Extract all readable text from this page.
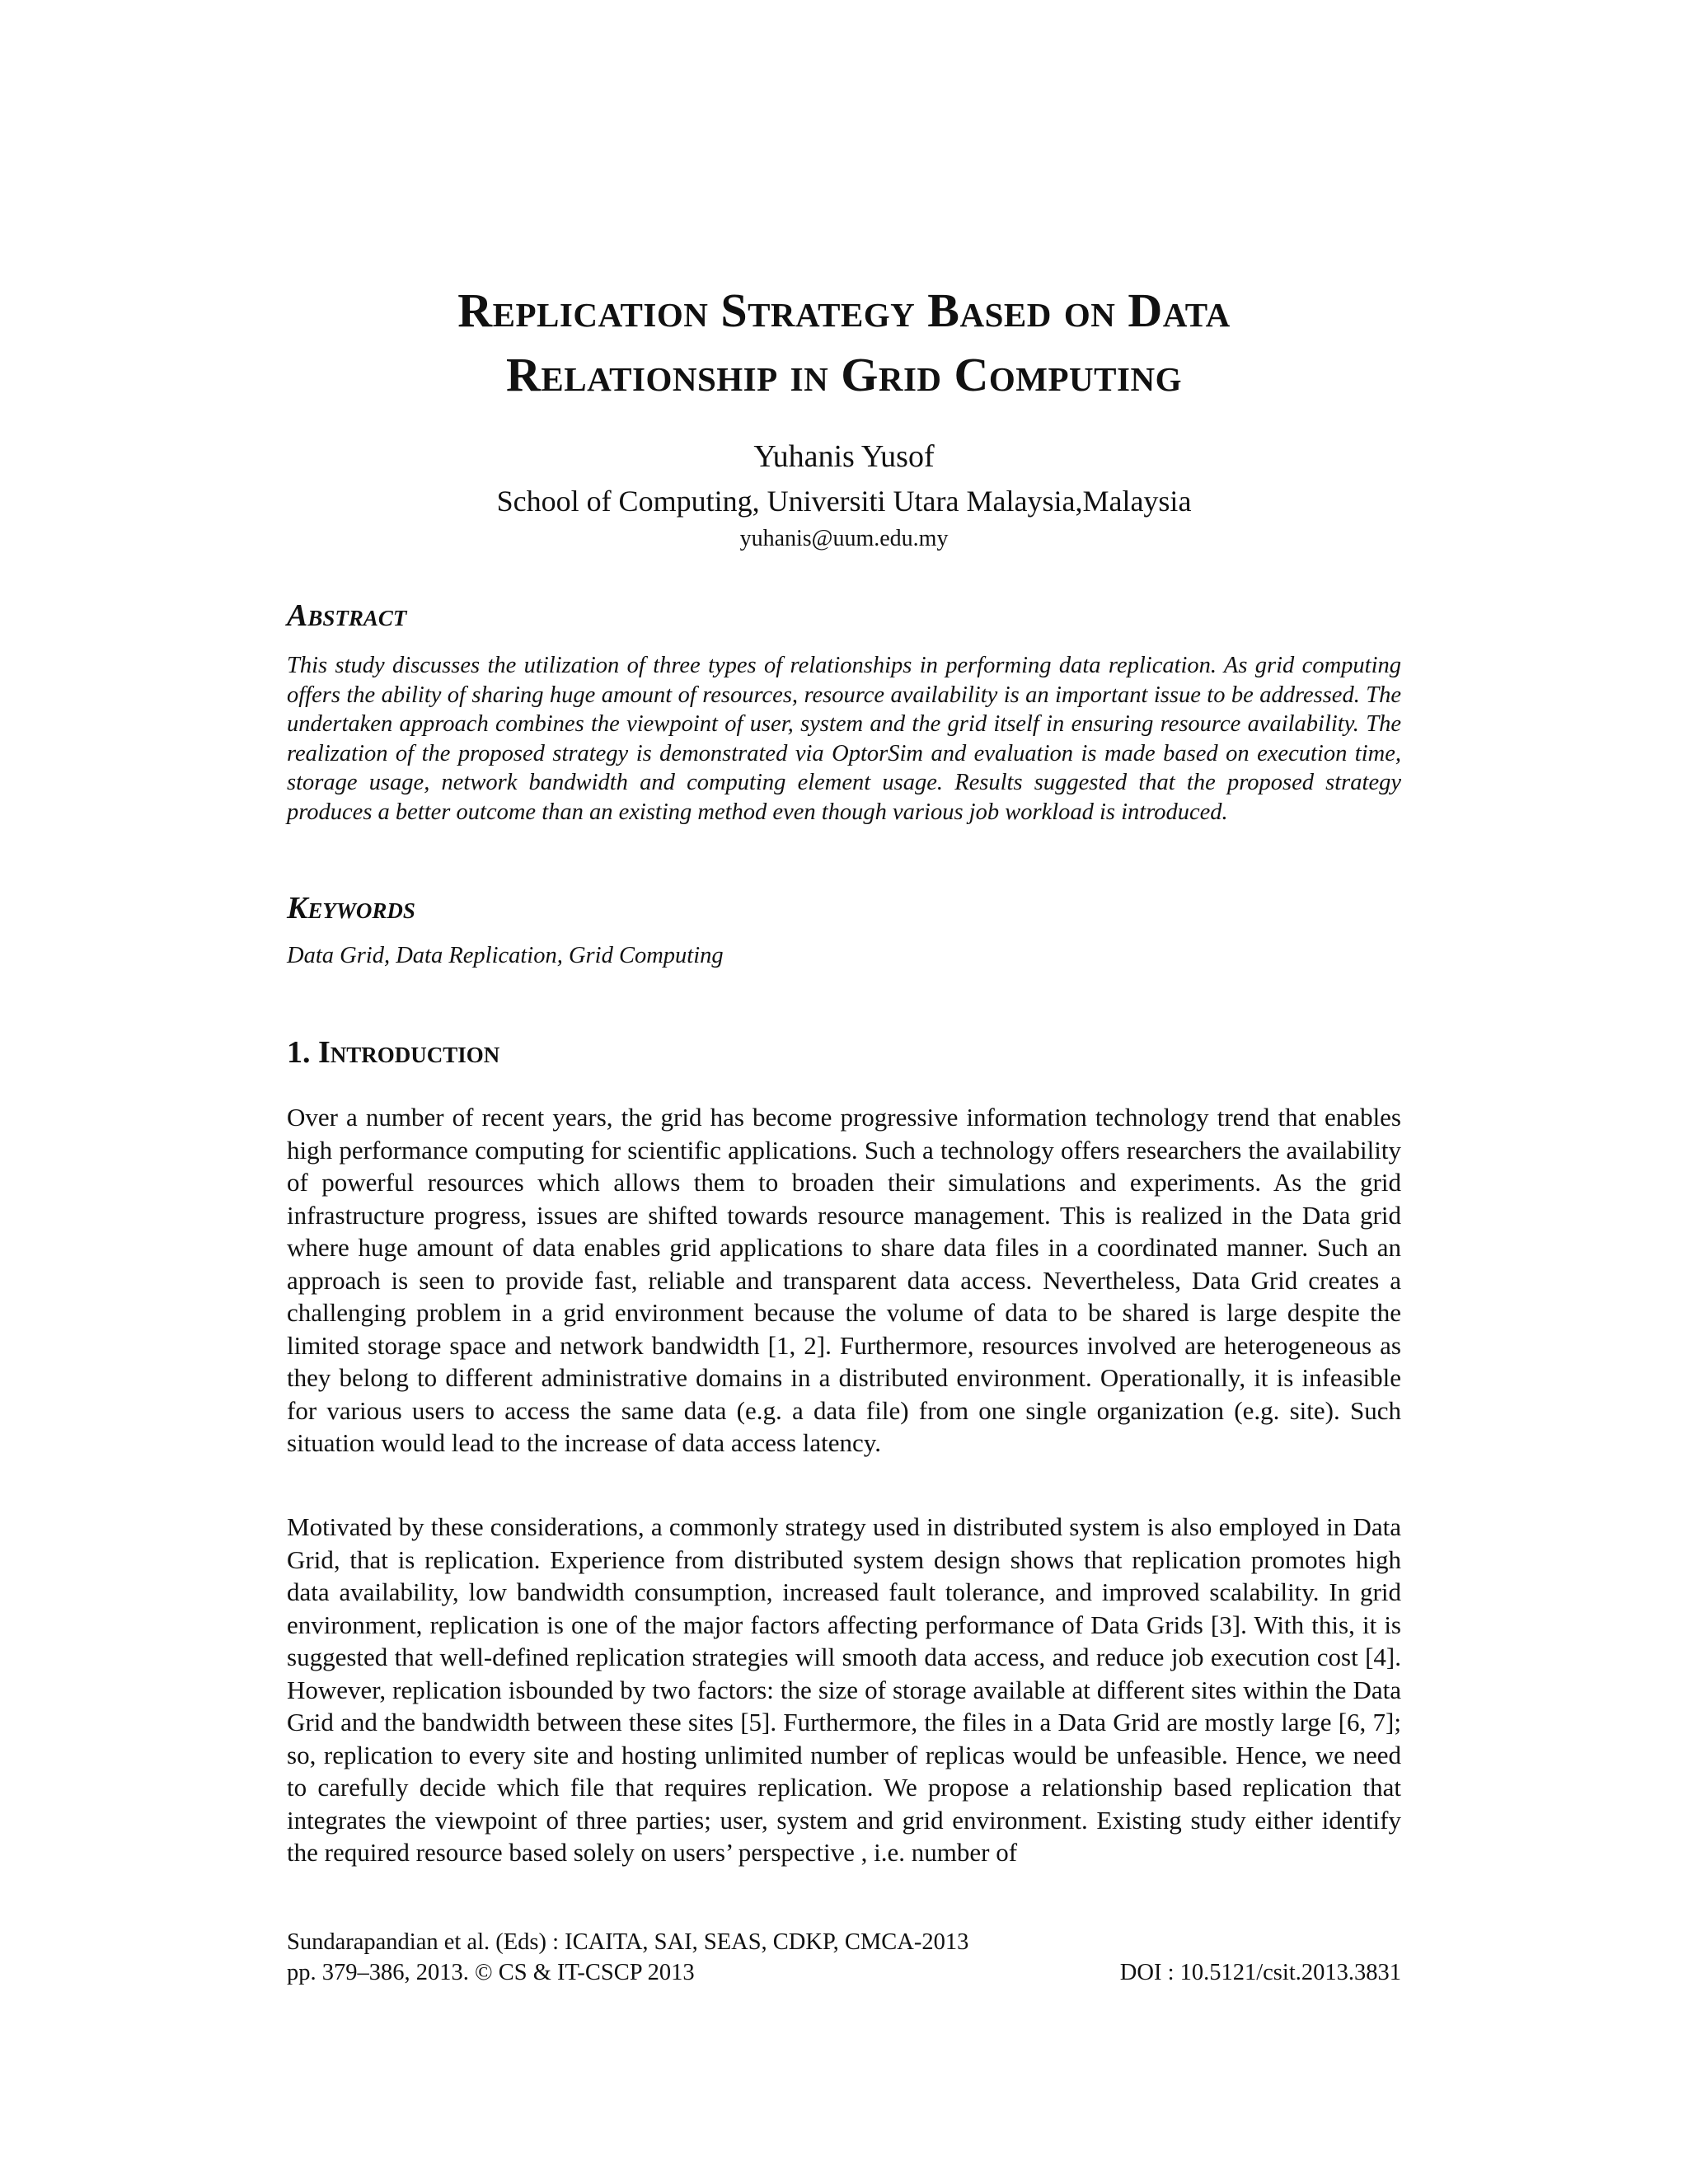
Replication Strategy Based on Data
Relationship in Grid Computing
Yuhanis Yusof
School of Computing, Universiti Utara Malaysia,Malaysia
yuhanis@uum.edu.my
Abstract

This study discusses the utilization of three types of relationships in performing data replication. As grid computing offers the ability of sharing huge amount of resources, resource availability is an important issue to be addressed. The undertaken approach combines the viewpoint of user, system and the grid itself in ensuring resource availability. The realization of the proposed strategy is demonstrated via OptorSim and evaluation is made based on execution time, storage usage, network bandwidth and computing element usage. Results suggested that the proposed strategy produces a better outcome than an existing method even though various job workload is introduced.

Keywords
Data Grid, Data Replication, Grid Computing
1. Introduction

Over a number of recent years, the grid has become progressive information technology trend that enables high performance computing for scientific applications. Such a technology offers researchers the availability of powerful resources which allows them to broaden their simulations and experiments. As the grid infrastructure progress, issues are shifted towards resource management. This is realized in the Data grid where huge amount of data enables grid applications to share data files in a coordinated manner. Such an approach is seen to provide fast, reliable and transparent data access. Nevertheless, Data Grid creates a challenging problem in a grid environment because the volume of data to be shared is large despite the limited storage space and network bandwidth [1, 2]. Furthermore, resources involved are heterogeneous as they belong to different administrative domains in a distributed environment. Operationally, it is infeasible for various users to access the same data (e.g. a data file) from one single organization (e.g. site). Such situation would lead to the increase of data access latency.

Motivated by these considerations, a commonly strategy used in distributed system is also employed in Data Grid, that is replication. Experience from distributed system design shows that replication promotes high data availability, low bandwidth consumption, increased fault tolerance, and improved scalability. In grid environment, replication is one of the major factors affecting performance of Data Grids [3]. With this, it is suggested that well-defined replication strategies will smooth data access, and reduce job execution cost [4]. However, replication isbounded by two factors: the size of storage available at different sites within the Data Grid and the bandwidth between these sites [5]. Furthermore, the files in a Data Grid are mostly large [6, 7]; so, replication to every site and hosting unlimited number of replicas would be unfeasible. Hence, we need to carefully decide which file that requires replication. We propose a relationship based replication that integrates the viewpoint of three parties; user, system and grid environment. Existing study either identify the required resource based solely on users’ perspective , i.e. number of

Sundarapandian et al. (Eds) : ICAITA, SAI, SEAS, CDKP, CMCA-2013
pp. 379–386, 2013. © CS & IT-CSCP 2013	DOI : 10.5121/csit.2013.3831
